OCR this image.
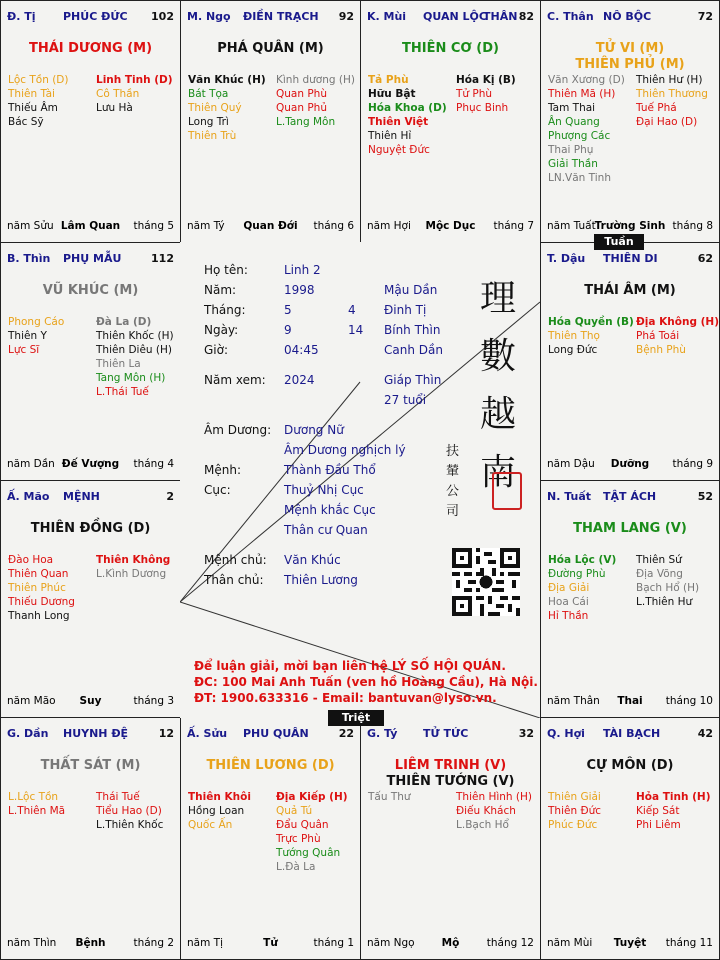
Đ. Tị	PHÚC ĐỨC 102
THÁI DƯƠNG (M)
Lộc Tồn (D)
Thiên Tài
Thiếu Âm
Bác Sỹ
Linh Tinh (D)
Cô Thần
Lưu Hà
năm Sửu Lâm Quan	tháng 5
M. Ngọ ĐIỀN TRẠCH 92
PHÁ QUÂN (M)
Văn Khúc (H)
Bát Tọa
Thiên Quý
Long Trì
Thiên Trù
Kình dương (H)
Quan Phù
Quan Phủ
L.Tang Môn
năm Tý	Quan Đới	tháng 6
K. Mùi QUAN LỘC
THÂN 82
THIÊN CƠ (D)
Tả Phù
Hữu Bật
Hóa Khoa (D)
Thiên Việt
Thiên Hỉ
Nguyệt Đức
Hóa Kị (B)
Tử Phù
Phục Binh
năm Hợi	Mộc Dục	tháng 7
C. Thân NÔ BỘC	72
TỬ VI (M)
THIÊN PHỦ (M)
Văn Xương (D)
Thiên Mã (H)
Tam Thai
Ân Quang
Phượng Các
Thai Phụ
Giải Thần
LN.Văn Tinh
Thiên Hư (H)
Thiên Thương
Tuế Phá
Đại Hao (D)
năm Tuất
Trường Sinh tháng 8
B. Thìn PHỤ MẪU	112
VŨ KHÚC (M)
Phong Cáo
Thiên Y
Lực Sĩ
Đà La (D)
Thiên Khốc (H)
Thiên Diêu (H)
Thiên La
Tang Môn (H)
L.Thái Tuế
năm Dần Đế Vượng	tháng 4
T. Dậu THIÊN DI	62
THÁI ÂM (M)
Hóa Quyền (B)
Thiên Thọ
Long Đức
Địa Không (H)
Phá Toái
Bệnh Phù
năm Dậu	Dưỡng	tháng 9
Ấ. Mão MỆNH	2
THIÊN ĐỒNG (D)
Đào Hoa
Thiên Quan
Thiên Phúc
Thiếu Dương
Thanh Long
Thiên Không
L.Kình Dương
năm Mão	Suy	tháng 3
N. Tuất TẬT ÁCH	52
THAM LANG (V)
Hóa Lộc (V)
Đường Phù
Địa Giải
Hoa Cái
Hỉ Thần
Thiên Sứ
Địa Võng
Bạch Hổ (H)
L.Thiên Hư
năm Thân	Thai	tháng 10
G. Dần HUYNH ĐỆ	12
THẤT SÁT (M)
L.Lộc Tồn
L.Thiên Mã
Thái Tuế
Tiểu Hao (D)
L.Thiên Khốc
năm Thìn	Bệnh	tháng 2
Ấ. Sửu PHU QUÂN	22
THIÊN LƯƠNG (D)
Thiên Khôi
Hồng Loan
Quốc Ấn
Địa Kiếp (H)
Quả Tú
Đẩu Quân
Trực Phù
Tướng Quân
L.Đà La
năm Tị	Tử	tháng 1
G. Tý TỬ TỨC	32
LIÊM TRINH (V)
THIÊN TƯỚNG (V)
Tấu Thư	Thiên Hình (H)
Điếu Khách
L.Bạch Hổ
năm Ngọ	Mộ	tháng 12
Q. Hợi TÀI BẠCH	42
CỰ MÔN (D)
Thiên Giải
Thiên Đức
Phúc Đức
Hỏa Tinh (H)
Kiếp Sát
Phi Liêm
năm Mùi	Tuyệt	tháng 11
Họ tên:	Linh 2
Năm:	1998	Mậu Dần
Tháng:	5	4 Đinh Tị
Ngày:	9	14 Bính Thìn
Giờ:	04:45	Canh Dần
Năm xem: 2024	Giáp Thìn
27 tuổi
Âm Dương: Dương Nữ
Âm Dương nghịch lý
Mệnh:	Thành Đầu Thổ
Cục:	Thuỷ Nhị Cục
Mệnh khắc Cục
Thân cư Quan
Mệnh chủ: Văn Khúc
Thân chủ: Thiên Lương
理數越南
扶輦公司
Để luận giải, mời bạn liên hệ LÝ SỐ HỘI QUÁN.
ĐC: 100 Mai Anh Tuấn (ven hồ Hoàng Cầu), Hà Nội.
ĐT: 1900.633316 - Email: bantuvan@lyso.vn.
Tuần
Triệt
